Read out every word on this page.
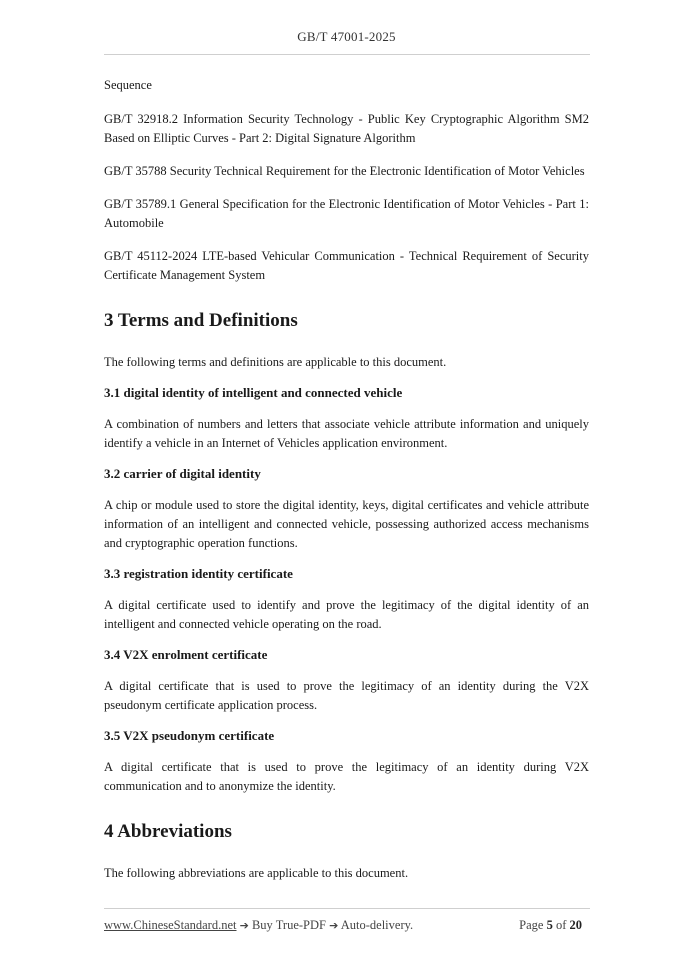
GB/T 47001-2025

Sequence

GB/T 32918.2 Information Security Technology - Public Key Cryptographic Algorithm SM2 Based on Elliptic Curves - Part 2: Digital Signature Algorithm

GB/T 35788 Security Technical Requirement for the Electronic Identification of Motor Vehicles

GB/T 35789.1 General Specification for the Electronic Identification of Motor Vehicles - Part 1: Automobile

GB/T 45112-2024 LTE-based Vehicular Communication - Technical Requirement of Security Certificate Management System

3 Terms and Definitions

The following terms and definitions are applicable to this document.

3.1 digital identity of intelligent and connected vehicle

A combination of numbers and letters that associate vehicle attribute information and uniquely identify a vehicle in an Internet of Vehicles application environment.

3.2 carrier of digital identity

A chip or module used to store the digital identity, keys, digital certificates and vehicle attribute information of an intelligent and connected vehicle, possessing authorized access mechanisms and cryptographic operation functions.

3.3 registration identity certificate

A digital certificate used to identify and prove the legitimacy of the digital identity of an intelligent and connected vehicle operating on the road.

3.4 V2X enrolment certificate

A digital certificate that is used to prove the legitimacy of an identity during the V2X pseudonym certificate application process.

3.5 V2X pseudonym certificate

A digital certificate that is used to prove the legitimacy of an identity during V2X communication and to anonymize the identity.

4 Abbreviations

The following abbreviations are applicable to this document.

www.ChineseStandard.net ➔ Buy True-PDF ➔ Auto-delivery.	Page 5 of 20
